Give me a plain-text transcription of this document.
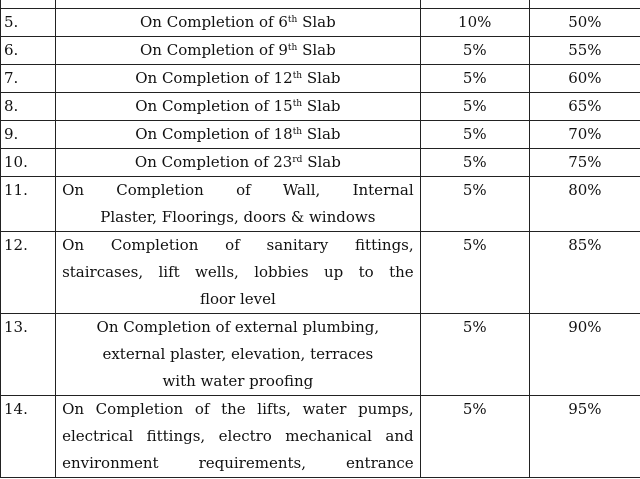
5.	On Completion of 6th Slab	10%	50%
6.	On Completion of 9th Slab	5%	55%
7.	On Completion of 12th Slab	5%	60%
8.	On Completion of 15th Slab	5%	65%
9.	On Completion of 18th Slab	5%	70%
10.	On Completion of 23rd Slab	5%	75%
11.	On Completion of Wall, Internal
Plaster, Floorings, doors & windows	5%	80%
12.	On Completion of sanitary fittings,
staircases, lift wells, lobbies up to the
floor level	5%	85%
13.	On Completion of external plumbing,
external plaster, elevation, terraces
with water proofing	5%	90%
14.	On Completion of the lifts, water pumps,
electrical fittings, electro mechanical and
environment requirements, entrance	5%	95%
